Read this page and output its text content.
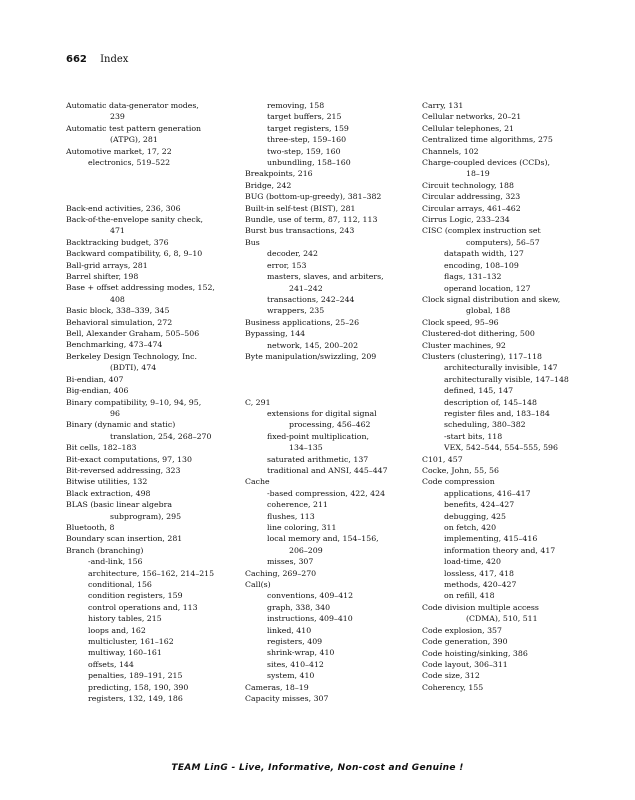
662 Index
Automatic data-generator modes,
239
Automatic test pattern generation
(ATPG), 281
Automotive market, 17, 22
electronics, 519–522
Back-end activities, 236, 306
Back-of-the-envelope sanity check,
471
Backtracking budget, 376
Backward compatibility, 6, 8, 9–10
Ball-grid arrays, 281
Barrel shifter, 198
Base + offset addressing modes, 152,
408
Basic block, 338–339, 345
Behavioral simulation, 272
Bell, Alexander Graham, 505–506
Benchmarking, 473–474
Berkeley Design Technology, Inc.
(BDTI), 474
Bi-endian, 407
Big-endian, 406
Binary compatibility, 9–10, 94, 95,
96
Binary (dynamic and static)
translation, 254, 268–270
Bit cells, 182–183
Bit-exact computations, 97, 130
Bit-reversed addressing, 323
Bitwise utilities, 132
Black extraction, 498
BLAS (basic linear algebra
subprogram), 295
Bluetooth, 8
Boundary scan insertion, 281
Branch (branching)
-and-link, 156
architecture, 156–162, 214–215
conditional, 156
condition registers, 159
control operations and, 113
history tables, 215
loops and, 162
multicluster, 161–162
multiway, 160–161
offsets, 144
penalties, 189–191, 215
predicting, 158, 190, 390
registers, 132, 149, 186
removing, 158
target buffers, 215
target registers, 159
three-step, 159–160
two-step, 159, 160
unbundling, 158–160
Breakpoints, 216
Bridge, 242
BUG (bottom-up-greedy), 381–382
Built-in self-test (BIST), 281
Bundle, use of term, 87, 112, 113
Burst bus transactions, 243
Bus
decoder, 242
error, 153
masters, slaves, and arbiters,
241–242
transactions, 242–244
wrappers, 235
Business applications, 25–26
Bypassing, 144
network, 145, 200–202
Byte manipulation/swizzling, 209
C, 291
extensions for digital signal
processing, 456–462
fixed-point multiplication,
134–135
saturated arithmetic, 137
traditional and ANSI, 445–447
Cache
-based compression, 422, 424
coherence, 211
flushes, 113
line coloring, 311
local memory and, 154–156,
206–209
misses, 307
Caching, 269–270
Call(s)
conventions, 409–412
graph, 338, 340
instructions, 409–410
linked, 410
registers, 409
shrink-wrap, 410
sites, 410–412
system, 410
Cameras, 18–19
Capacity misses, 307
Carry, 131
Cellular networks, 20–21
Cellular telephones, 21
Centralized time algorithms, 275
Channels, 102
Charge-coupled devices (CCDs),
18–19
Circuit technology, 188
Circular addressing, 323
Circular arrays, 461–462
Cirrus Logic, 233–234
CISC (complex instruction set
computers), 56–57
datapath width, 127
encoding, 108–109
flags, 131–132
operand location, 127
Clock signal distribution and skew,
global, 188
Clock speed, 95–96
Clustered-dot dithering, 500
Cluster machines, 92
Clusters (clustering), 117–118
architecturally invisible, 147
architecturally visible, 147–148
defined, 145, 147
description of, 145–148
register files and, 183–184
scheduling, 380–382
-start bits, 118
VEX, 542–544, 554–555, 596
C101, 457
Cocke, John, 55, 56
Code compression
applications, 416–417
benefits, 424–427
debugging, 425
on fetch, 420
implementing, 415–416
information theory and, 417
load-time, 420
lossless, 417, 418
methods, 420–427
on refill, 418
Code division multiple access
(CDMA), 510, 511
Code explosion, 357
Code generation, 390
Code hoisting/sinking, 386
Code layout, 306–311
Code size, 312
Coherency, 155
TEAM LinG - Live, Informative, Non-cost and Genuine !
